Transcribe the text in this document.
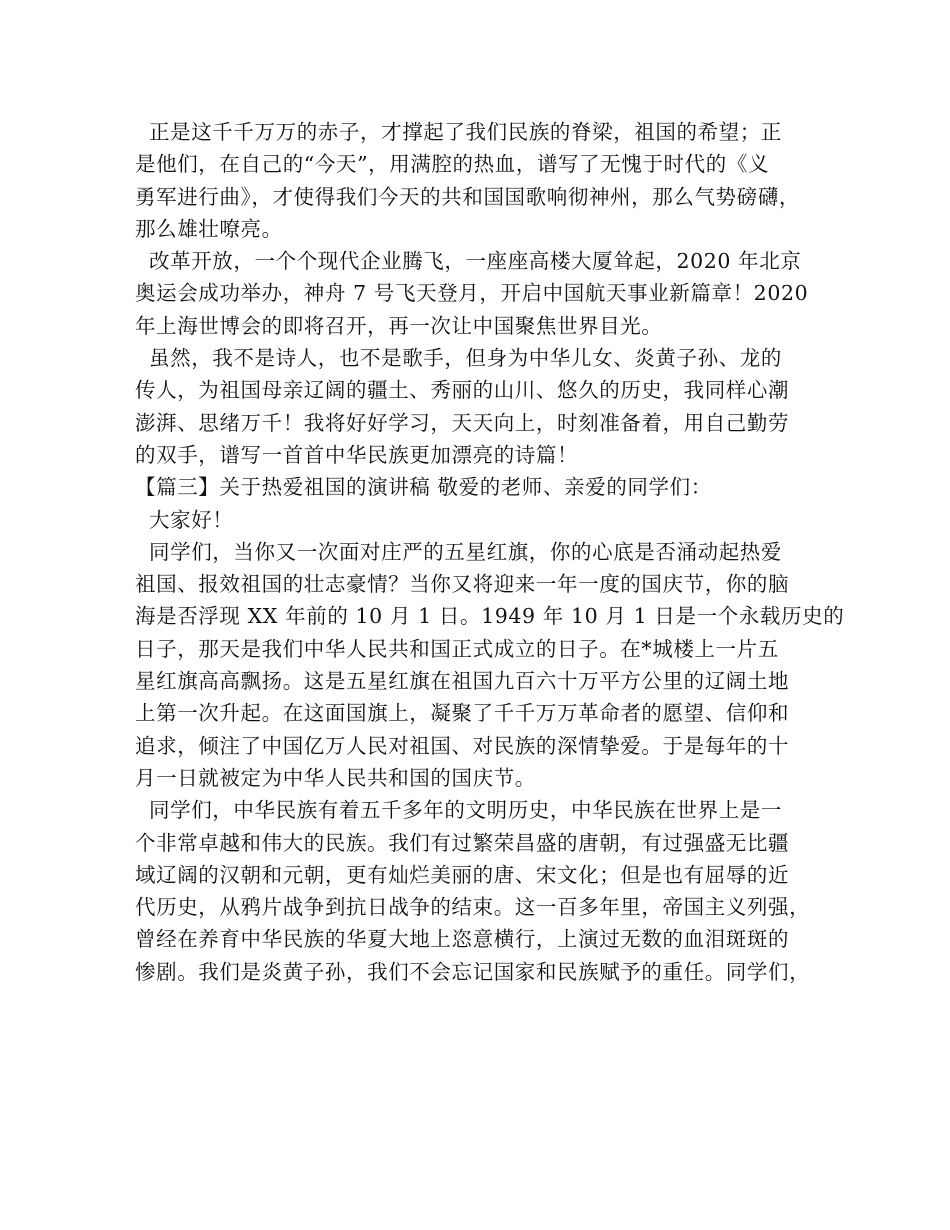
正是这千千万万的赤子，才撑起了我们民族的脊梁，祖国的希望；正
是他们，在自己的“今天”，用满腔的热血，谱写了无愧于时代的《义
勇军进行曲》，才使得我们今天的共和国国歌响彻神州，那么气势磅礴，
那么雄壮嘹亮。

改革开放，一个个现代企业腾飞，一座座高楼大厦耸起，2020 年北京
奥运会成功举办，神舟 7 号飞天登月，开启中国航天事业新篇章！2020
年上海世博会的即将召开，再一次让中国聚焦世界目光。

虽然，我不是诗人，也不是歌手，但身为中华儿女、炎黄子孙、龙的
传人，为祖国母亲辽阔的疆土、秀丽的山川、悠久的历史，我同样心潮
澎湃、思绪万千！我将好好学习，天天向上，时刻准备着，用自己勤劳
的双手，谱写一首首中华民族更加漂亮的诗篇！

【篇三】关于热爱祖国的演讲稿 敬爱的老师、亲爱的同学们：

大家好！

同学们，当你又一次面对庄严的五星红旗，你的心底是否涌动起热爱
祖国、报效祖国的壮志豪情？当你又将迎来一年一度的国庆节，你的脑
海是否浮现 XX 年前的 10 月 1 日。1949 年 10 月 1 日是一个永载历史的
日子，那天是我们中华人民共和国正式成立的日子。在*城楼上一片五
星红旗高高飘扬。这是五星红旗在祖国九百六十万平方公里的辽阔土地
上第一次升起。在这面国旗上，凝聚了千千万万革命者的愿望、信仰和
追求，倾注了中国亿万人民对祖国、对民族的深情挚爱。于是每年的十
月一日就被定为中华人民共和国的国庆节。

同学们，中华民族有着五千多年的文明历史，中华民族在世界上是一
个非常卓越和伟大的民族。我们有过繁荣昌盛的唐朝，有过强盛无比疆
域辽阔的汉朝和元朝，更有灿烂美丽的唐、宋文化；但是也有屈辱的近
代历史，从鸦片战争到抗日战争的结束。这一百多年里，帝国主义列强，
曾经在养育中华民族的华夏大地上恣意横行，上演过无数的血泪斑斑的
惨剧。我们是炎黄子孙，我们不会忘记国家和民族赋予的重任。同学们，
